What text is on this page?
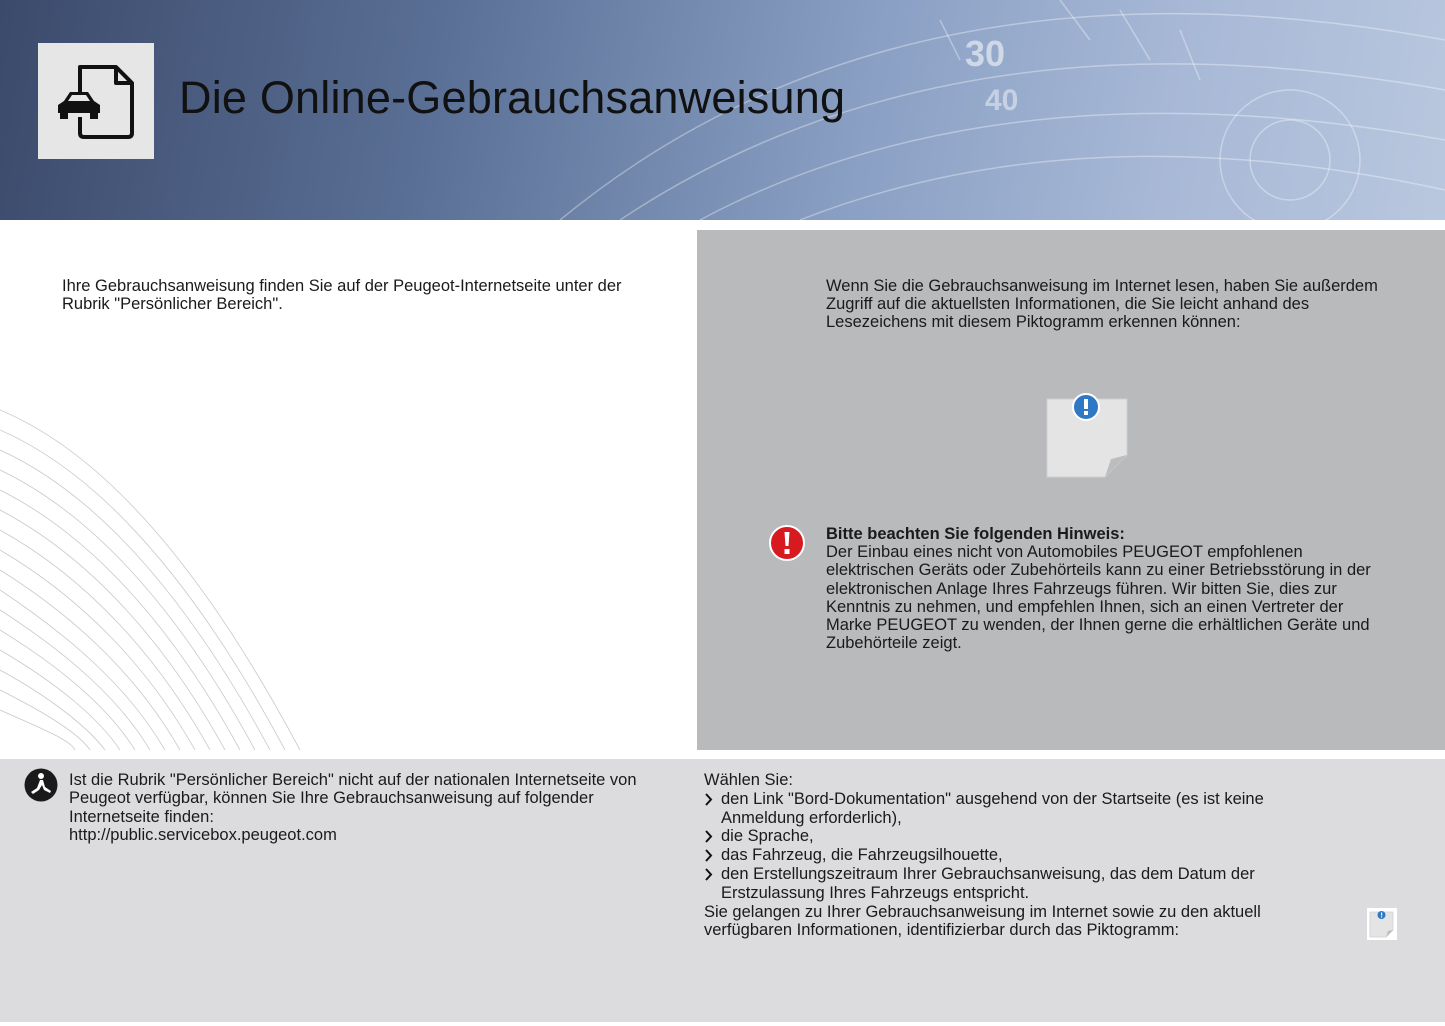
30
40
Die Online-Gebrauchsanweisung

Ihre Gebrauchsanweisung finden Sie auf der Peugeot-Internetseite unter der Rubrik "Persönlicher Bereich".

Wenn Sie die Gebrauchsanweisung im Internet lesen, haben Sie außerdem Zugriff auf die aktuellsten Informationen, die Sie leicht anhand des Lesezeichens mit diesem Piktogramm erkennen können:

Bitte beachten Sie folgenden Hinweis:

Der Einbau eines nicht von Automobiles PEUGEOT empfohlenen elektrischen Geräts oder Zubehörteils kann zu einer Betriebsstörung in der elektronischen Anlage Ihres Fahrzeugs führen. Wir bitten Sie, dies zur Kenntnis zu nehmen, und empfehlen Ihnen, sich an einen Vertreter der Marke PEUGEOT zu wenden, der Ihnen gerne die erhältlichen Geräte und Zubehörteile zeigt.

Ist die Rubrik "Persönlicher Bereich" nicht auf der nationalen Internetseite von Peugeot verfügbar, können Sie Ihre Gebrauchsanweisung auf folgender Internetseite finden:
http://public.servicebox.peugeot.com

Wählen Sie:

den Link "Bord-Dokumentation" ausgehend von der Startseite (es ist keine Anmeldung erforderlich),
die Sprache,
das Fahrzeug, die Fahrzeugsilhouette,
den Erstellungszeitraum Ihrer Gebrauchsanweisung, das dem Datum der Erstzulassung Ihres Fahrzeugs entspricht.

Sie gelangen zu Ihrer Gebrauchsanweisung im Internet sowie zu den aktuell verfügbaren Informationen, identifizierbar durch das Piktogramm:
